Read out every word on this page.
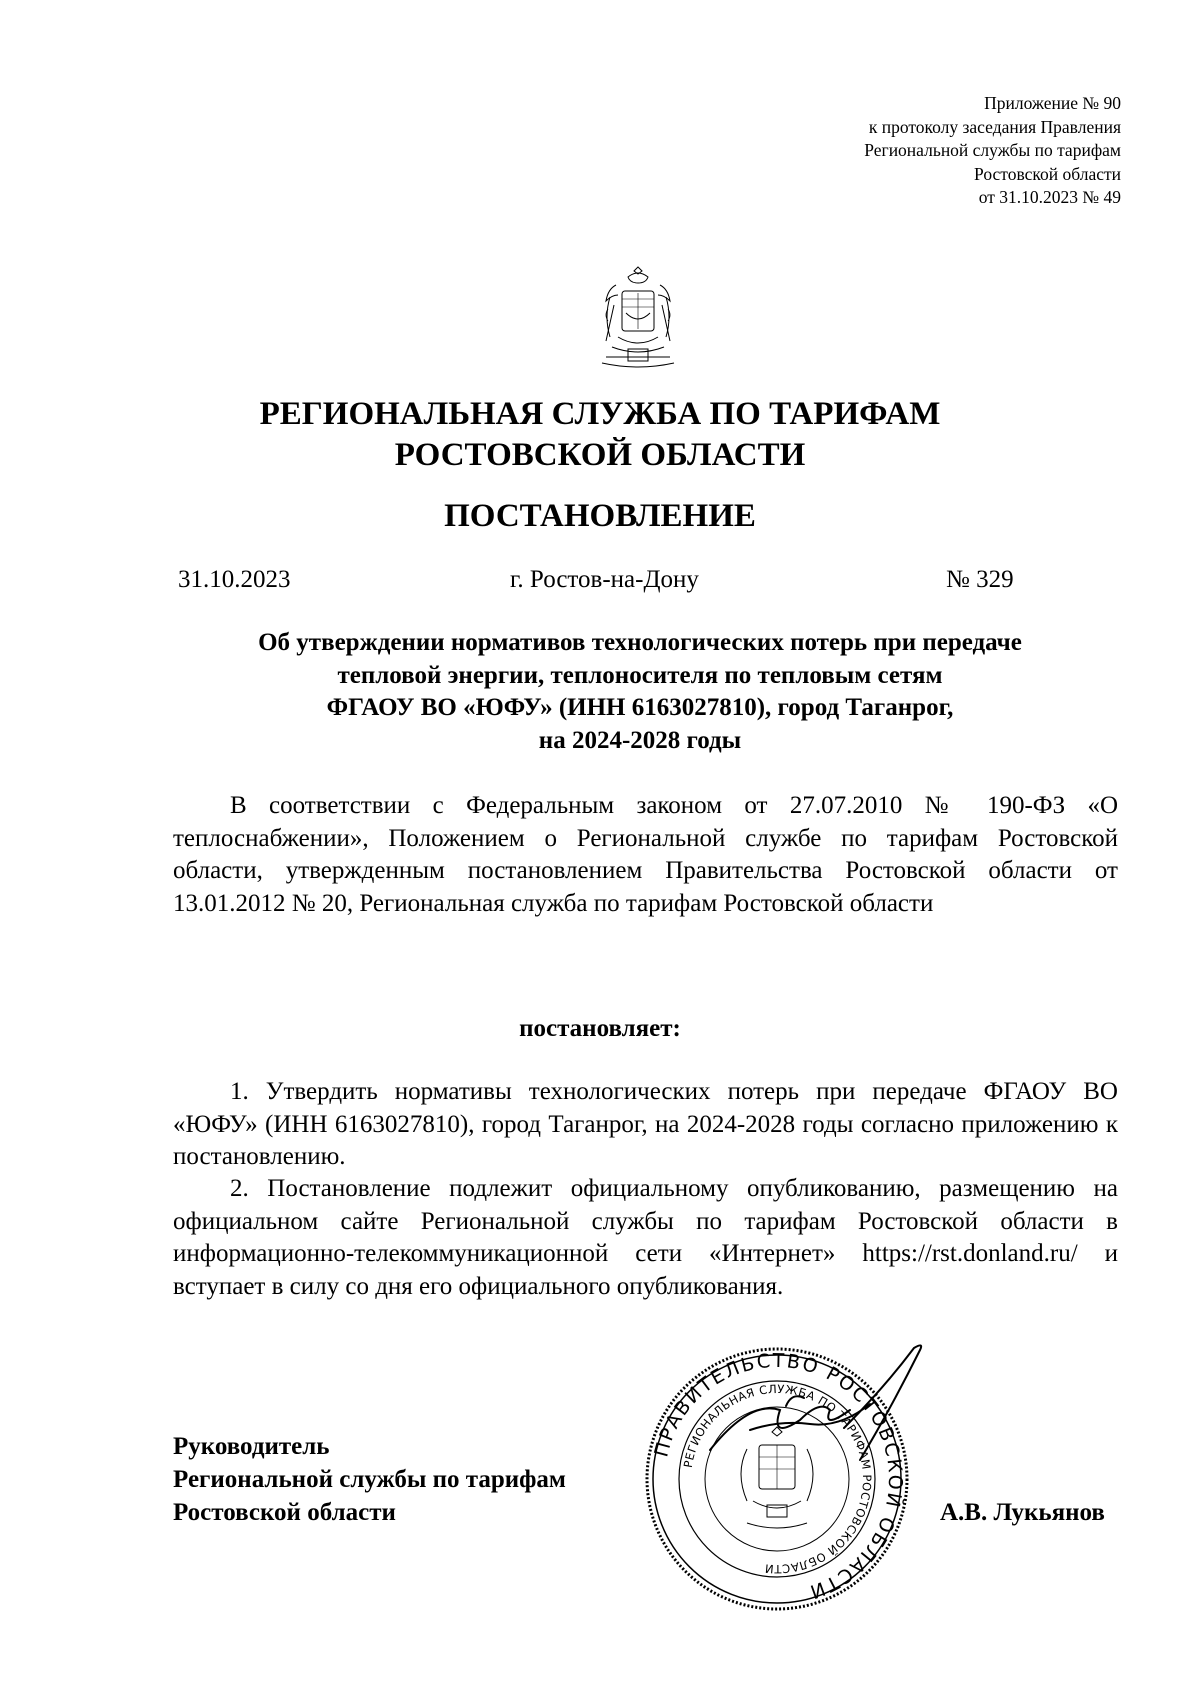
Приложение № 90
к протоколу заседания Правления
Региональной службы по тарифам
Ростовской области
от 31.10.2023 № 49
РЕГИОНАЛЬНАЯ СЛУЖБА ПО ТАРИФАМ
РОСТОВСКОЙ ОБЛАСТИ
ПОСТАНОВЛЕНИЕ
31.10.2023	г. Ростов-на-Дону	№ 329
Об утверждении нормативов технологических потерь при передаче
тепловой энергии, теплоносителя по тепловым сетям
ФГАОУ ВО «ЮФУ» (ИНН 6163027810), город Таганрог,
на 2024-2028 годы
В соответствии с Федеральным законом от 27.07.2010 № 190-ФЗ «О теплоснабжении», Положением о Региональной службе по тарифам Ростовской области, утвержденным постановлением Правительства Ростовской области от 13.01.2012 № 20, Региональная служба по тарифам Ростовской области
постановляет:
1. Утвердить нормативы технологических потерь при передаче ФГАОУ ВО «ЮФУ» (ИНН 6163027810), город Таганрог, на 2024-2028 годы согласно приложению к постановлению.
2. Постановление подлежит официальному опубликованию, размещению на официальном сайте Региональной службы по тарифам Ростовской области в информационно-телекоммуникационной сети «Интернет» https://rst.donland.ru/ и вступает в силу со дня его официального опубликования.
Руководитель
Региональной службы по тарифам
Ростовской области
ПРАВИТЕЛЬСТВО РОСТОВСКОЙ ОБЛАСТИ
РЕГИОНАЛЬНАЯ СЛУЖБА ПО ТАРИФАМ РОСТОВСКОЙ ОБЛАСТИ
А.В. Лукьянов
